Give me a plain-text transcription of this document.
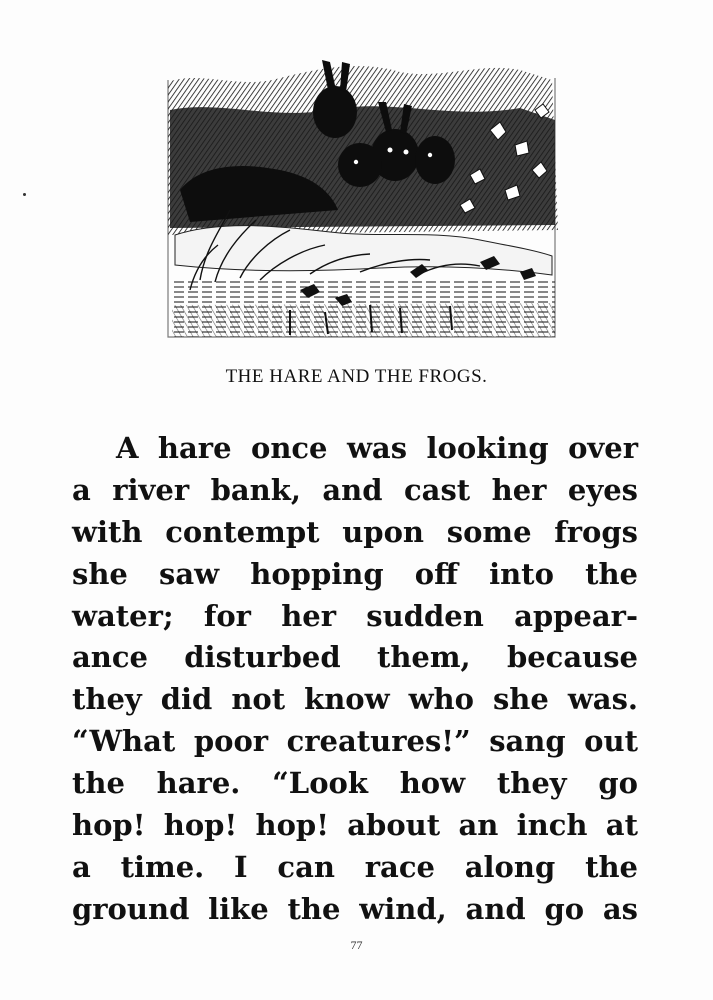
THE HARE AND THE FROGS.
A hare once was looking over
a river bank, and cast her eyes
with contempt upon some frogs
she saw hopping off into the
water; for her sudden appear-
ance disturbed them, because
they did not know who she was.
“What poor creatures!” sang out
the hare. “Look how they go
hop! hop! hop! about an inch at
a time. I can race along the
ground like the wind, and go as
77
